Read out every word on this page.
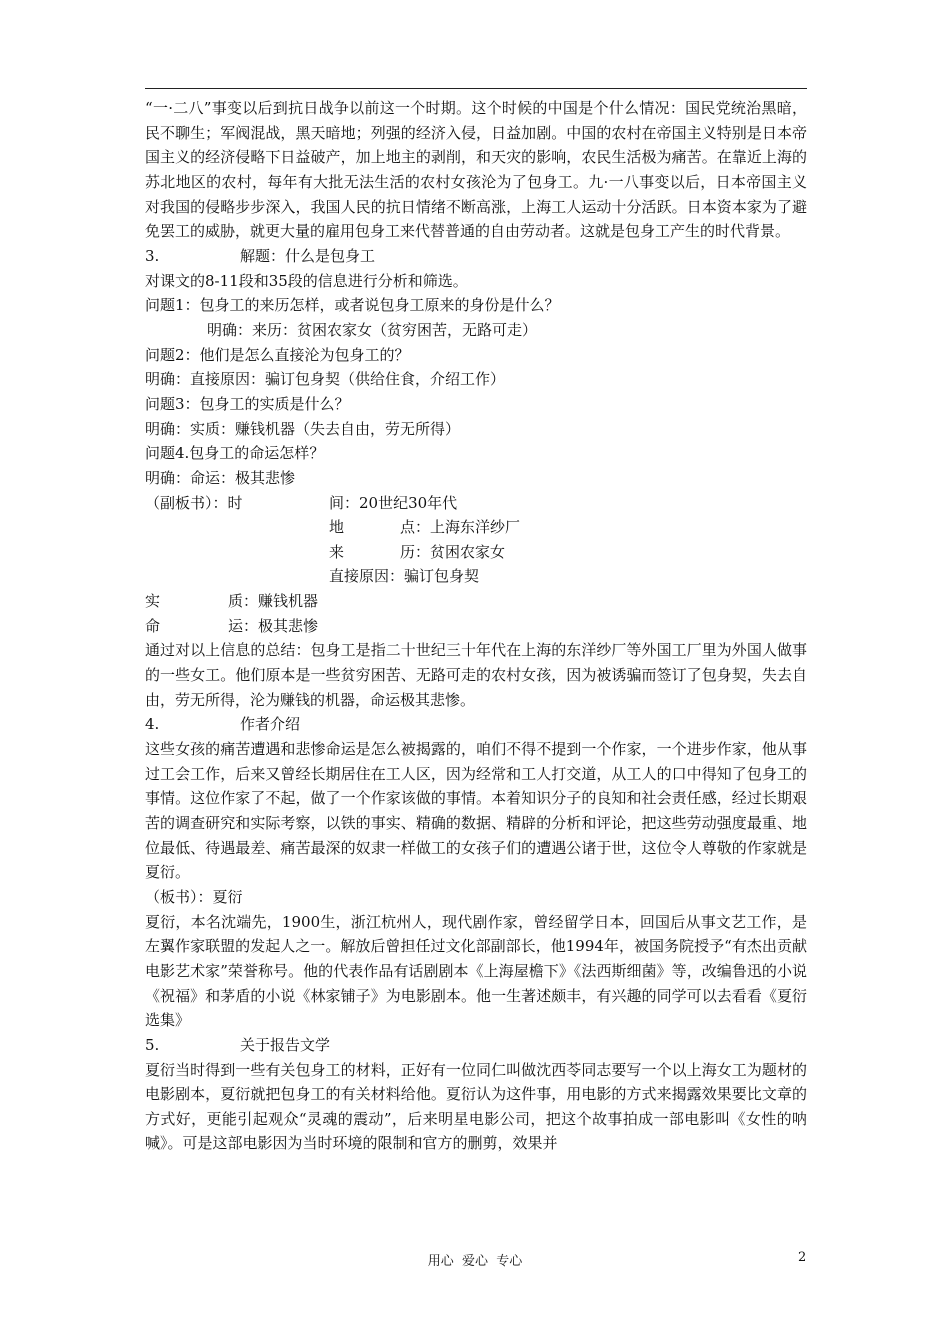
“一·二八”事变以后到抗日战争以前这一个时期。这个时候的中国是个什么情况：国民党统治黑暗，民不聊生；军阀混战，黑天暗地；列强的经济入侵，日益加剧。中国的农村在帝国主义特别是日本帝国主义的经济侵略下日益破产，加上地主的剥削，和天灾的影响，农民生活极为痛苦。在靠近上海的苏北地区的农村，每年有大批无法生活的农村女孩沦为了包身工。九·一八事变以后，日本帝国主义对我国的侵略步步深入，我国人民的抗日情绪不断高涨，上海工人运动十分活跃。日本资本家为了避免罢工的威胁，就更大量的雇用包身工来代替普通的自由劳动者。这就是包身工产生的时代背景。

3.	解题：什么是包身工

对课文的8-11段和35段的信息进行分析和筛选。

问题1：包身工的来历怎样，或者说包身工原来的身份是什么？

明确：来历：贫困农家女（贫穷困苦，无路可走）

问题2：他们是怎么直接沦为包身工的？

明确：直接原因：骗订包身契（供给住食，介绍工作）

问题3：包身工的实质是什么？

明确：实质：赚钱机器（失去自由，劳无所得）

问题4.包身工的命运怎样？

明确：命运：极其悲惨

（副板书）：时	间：20世纪30年代
地	点：上海东洋纱厂
来	历：贫困农家女
直接原因：骗订包身契
实	质：赚钱机器
命	运：极其悲惨

通过对以上信息的总结：包身工是指二十世纪三十年代在上海的东洋纱厂等外国工厂里为外国人做事的一些女工。他们原本是一些贫穷困苦、无路可走的农村女孩，因为被诱骗而签订了包身契，失去自由，劳无所得，沦为赚钱的机器，命运极其悲惨。

4.	作者介绍

这些女孩的痛苦遭遇和悲惨命运是怎么被揭露的，咱们不得不提到一个作家，一个进步作家，他从事过工会工作，后来又曾经长期居住在工人区，因为经常和工人打交道，从工人的口中得知了包身工的事情。这位作家了不起，做了一个作家该做的事情。本着知识分子的良知和社会责任感，经过长期艰苦的调查研究和实际考察，以铁的事实、精确的数据、精辟的分析和评论，把这些劳动强度最重、地位最低、待遇最差、痛苦最深的奴隶一样做工的女孩子们的遭遇公诸于世，这位令人尊敬的作家就是夏衍。

（板书）：夏衍

夏衍，本名沈端先，1900生，浙江杭州人，现代剧作家，曾经留学日本，回国后从事文艺工作，是左翼作家联盟的发起人之一。解放后曾担任过文化部副部长，他1994年，被国务院授予“有杰出贡献电影艺术家”荣誉称号。他的代表作品有话剧剧本《上海屋檐下》《法西斯细菌》等，改编鲁迅的小说《祝福》和茅盾的小说《林家铺子》为电影剧本。他一生著述颇丰，有兴趣的同学可以去看看《夏衍选集》

5.	关于报告文学

夏衍当时得到一些有关包身工的材料，正好有一位同仁叫做沈西苓同志要写一个以上海女工为题材的电影剧本，夏衍就把包身工的有关材料给他。夏衍认为这件事，用电影的方式来揭露效果要比文章的方式好，更能引起观众“灵魂的震动”，后来明星电影公司，把这个故事拍成一部电影叫《女性的呐喊》。可是这部电影因为当时环境的限制和官方的删剪，效果并

用心  爱心  专心	2
